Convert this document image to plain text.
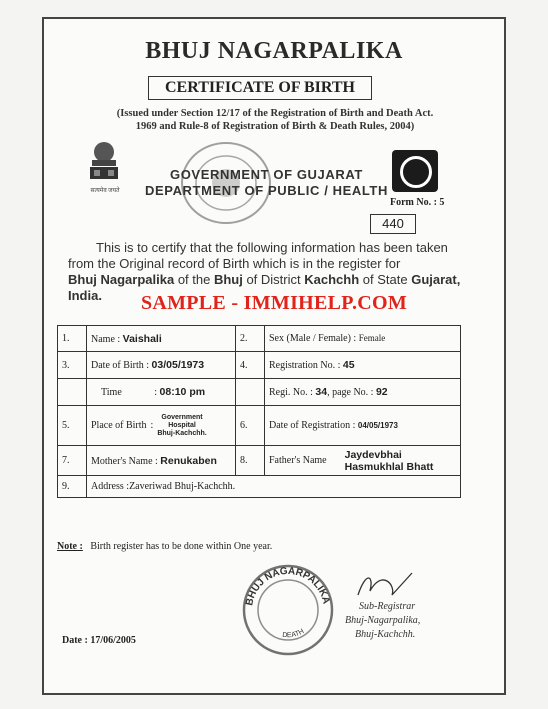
BHUJ NAGARPALIKA
CERTIFICATE OF BIRTH
(Issued under Section 12/17 of the Registration of Birth and Death Act.
1969 and Rule-8 of Registration of Birth & Death Rules, 2004)
सत्यमेव जयते
GOVERNMENT OF GUJARAT
DEPARTMENT OF PUBLIC / HEALTH
Form No. : 5
440
This is to certify that the following information has been taken
from the Original record of Birth which is in the register for
Bhuj Nagarpalika of the Bhuj of District Kachchh of State Gujarat,
India.	SAMPLE - IMMIHELP.COM
1.	Name : Vaishali	2.	Sex (Male / Female) : Female
3.	Date of Birth : 03/05/1973	4.	Registration No. : 45
	Time : 08:10 pm		Regi. No. : 34, page No. : 92
5.	Place of Birth :
Government
Hospital
Bhuj-Kachchh.	6.	Date of Registration : 04/05/1973
7.	Mother's Name : Renukaben	8.	Father's Name Jaydevbhai
Hasmukhlal Bhatt

9.	Address :Zaveriwad Bhuj-Kachchh.		
Note : Birth register has to be done within One year.
BHUJ NAGARPALIKA
DEATH
Sub-Registrar
Bhuj-Nagarpalika,
Bhuj-Kachchh.
Date : 17/06/2005
